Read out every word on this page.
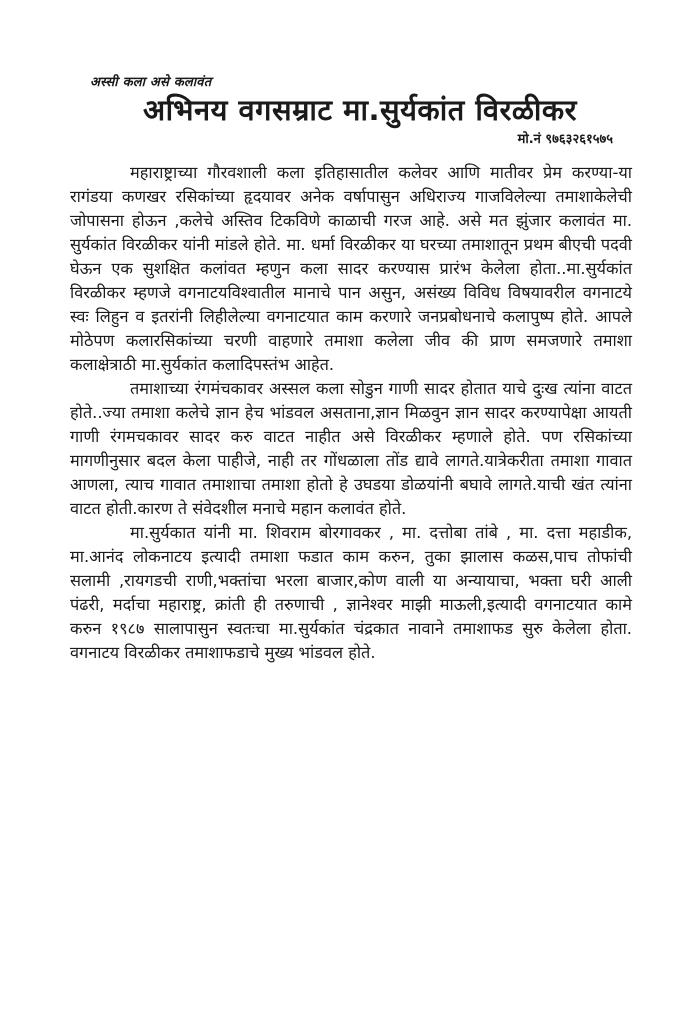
अस्सी कला असे कलावंत
अभिनय वगसम्राट मा.सुर्यकांत विरळीकर
मो.नं ९७६३२६१५७५

महाराष्ट्राच्या गौरवशाली कला इतिहासातील कलेवर आणि मातीवर प्रेम करण्या-या रागंडया कणखर रसिकांच्या हृदयावर अनेक वर्षापासुन अधिराज्य गाजविलेल्या तमाशाकेलेची जोपासना होऊन ,कलेचे अस्तिव टिकविणे काळाची गरज आहे. असे मत झुंजार कलावंत मा. सुर्यकांत विरळीकर यांनी मांडले होते. मा. धर्मा विरळीकर या घरच्या तमाशातून प्रथम बीएची पदवी घेऊन एक सुशक्षित कलांवत म्हणुन कला सादर करण्यास प्रारंभ केलेला होता..मा.सुर्यकांत विरळीकर म्हणजे वगनाटयविश्वातील मानाचे पान असुन, असंख्य विविध विषयावरील वगनाटये स्वः लिहुन व इतरांनी लिहीलेल्या वगनाटयात काम करणारे जनप्रबोधनाचे कलापुष्प होते. आपले मोठेपण कलारसिकांच्या चरणी वाहणारे तमाशा कलेला जीव की प्राण समजणारे तमाशा कलाक्षेत्राठी मा.सुर्यकांत कलादिपस्तंभ आहेत.

तमाशाच्या रंगमंचकावर अस्सल कला सोडुन गाणी सादर होतात याचे दुःख त्यांना वाटत होते..ज्या तमाशा कलेचे ज्ञान हेच भांडवल असताना,ज्ञान मिळवुन ज्ञान सादर करण्यापेक्षा आयती गाणी रंगमचकावर सादर करु वाटत नाहीत असे विरळीकर म्हणाले होते. पण रसिकांच्या मागणीनुसार बदल केला पाहीजे, नाही तर गोंधळाला तोंड द्यावे लागते.यात्रेकरीता तमाशा गावात आणला, त्याच गावात तमाशाचा तमाशा होतो हे उघडया डोळयांनी बघावे लागते.याची खंत त्यांना वाटत होती.कारण ते संवेदशील मनाचे महान कलावंत होते.

मा.सुर्यकात यांनी मा. शिवराम बोरगावकर , मा. दत्तोबा तांबे , मा. दत्ता महाडीक, मा.आनंद लोकनाटय इत्यादी तमाशा फडात काम करुन, तुका झालास कळस,पाच तोफांची सलामी ,रायगडची राणी,भक्तांचा भरला बाजार,कोण वाली या अन्यायाचा, भक्ता घरी आली पंढरी, मर्दाचा महाराष्ट्र, क्रांती ही तरुणाची , ज्ञानेश्वर माझी माऊली,इत्यादी वगनाटयात कामे करुन १९८७ सालापासुन स्वतःचा मा.सुर्यकांत चंद्रकात नावाने तमाशाफड सुरु केलेला होता. वगनाटय विरळीकर तमाशाफडाचे मुख्य भांडवल होते.
